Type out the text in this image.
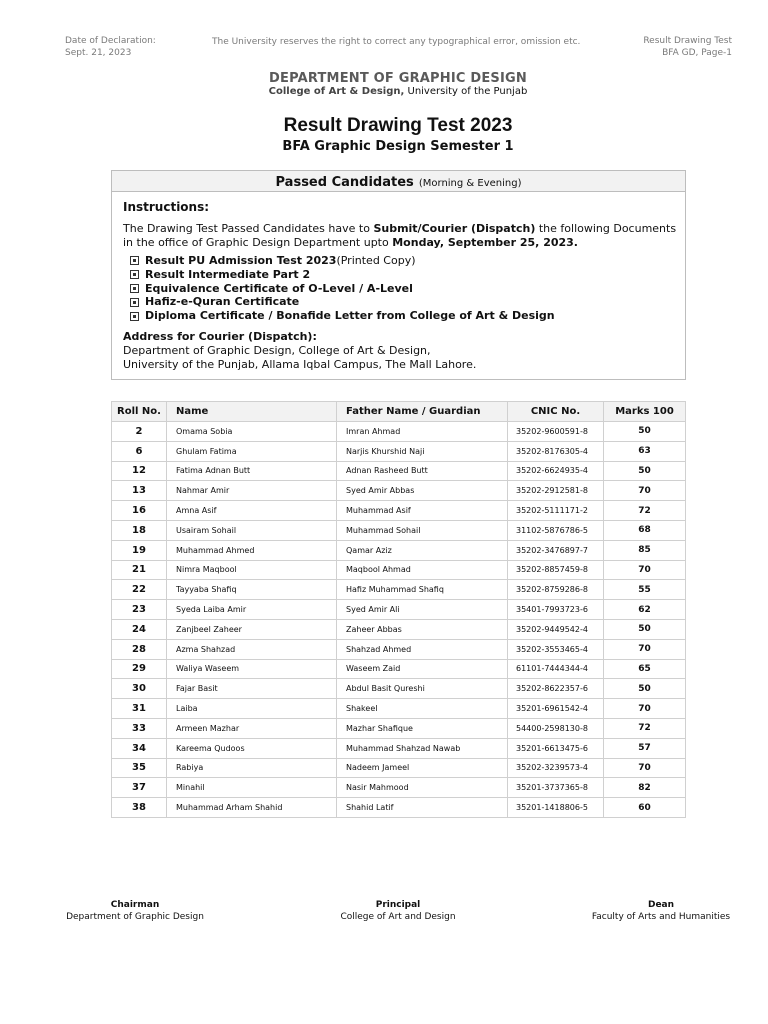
Date of Declaration:
Sept. 21, 2023
The University reserves the right to correct any typographical error, omission etc.	Result Drawing Test
BFA GD, Page-1
DEPARTMENT OF GRAPHIC DESIGN
College of Art & Design, University of the Punjab
Result Drawing Test 2023
BFA Graphic Design Semester 1
Passed Candidates (Morning & Evening)
Instructions:
The Drawing Test Passed Candidates have to Submit/Courier (Dispatch) the following Documents in the office of Graphic Design Department upto Monday, September 25, 2023.
Result PU Admission Test 2023 (Printed Copy)
Result Intermediate Part 2
Equivalence Certificate of O-Level / A-Level
Hafiz-e-Quran Certificate
Diploma Certificate / Bonafide Letter from College of Art & Design
Address for Courier (Dispatch):
Department of Graphic Design, College of Art & Design,
University of the Punjab, Allama Iqbal Campus, The Mall Lahore.
Roll No.	Name	Father Name / Guardian	CNIC No.	Marks 100
2	Omama Sobia	Imran Ahmad	35202-9600591-8	50
6	Ghulam Fatima	Narjis Khurshid Naji	35202-8176305-4	63
12	Fatima Adnan Butt	Adnan Rasheed Butt	35202-6624935-4	50
13	Nahmar Amir	Syed Amir Abbas	35202-2912581-8	70
16	Amna Asif	Muhammad Asif	35202-5111171-2	72
18	Usairam Sohail	Muhammad Sohail	31102-5876786-5	68
19	Muhammad Ahmed	Qamar Aziz	35202-3476897-7	85
21	Nimra Maqbool	Maqbool Ahmad	35202-8857459-8	70
22	Tayyaba Shafiq	Hafiz Muhammad Shafiq	35202-8759286-8	55
23	Syeda Laiba Amir	Syed Amir Ali	35401-7993723-6	62
24	Zanjbeel Zaheer	Zaheer Abbas	35202-9449542-4	50
28	Azma Shahzad	Shahzad Ahmed	35202-3553465-4	70
29	Waliya Waseem	Waseem Zaid	61101-7444344-4	65
30	Fajar Basit	Abdul Basit Qureshi	35202-8622357-6	50
31	Laiba	Shakeel	35201-6961542-4	70
33	Armeen Mazhar	Mazhar Shafique	54400-2598130-8	72
34	Kareema Qudoos	Muhammad Shahzad Nawab	35201-6613475-6	57
35	Rabiya	Nadeem Jameel	35202-3239573-4	70
37	Minahil	Nasir Mahmood	35201-3737365-8	82
38	Muhammad Arham Shahid	Shahid Latif	35201-1418806-5	60
Chairman
Department of Graphic Design
Principal
College of Art and Design
Dean
Faculty of Arts and Humanities
